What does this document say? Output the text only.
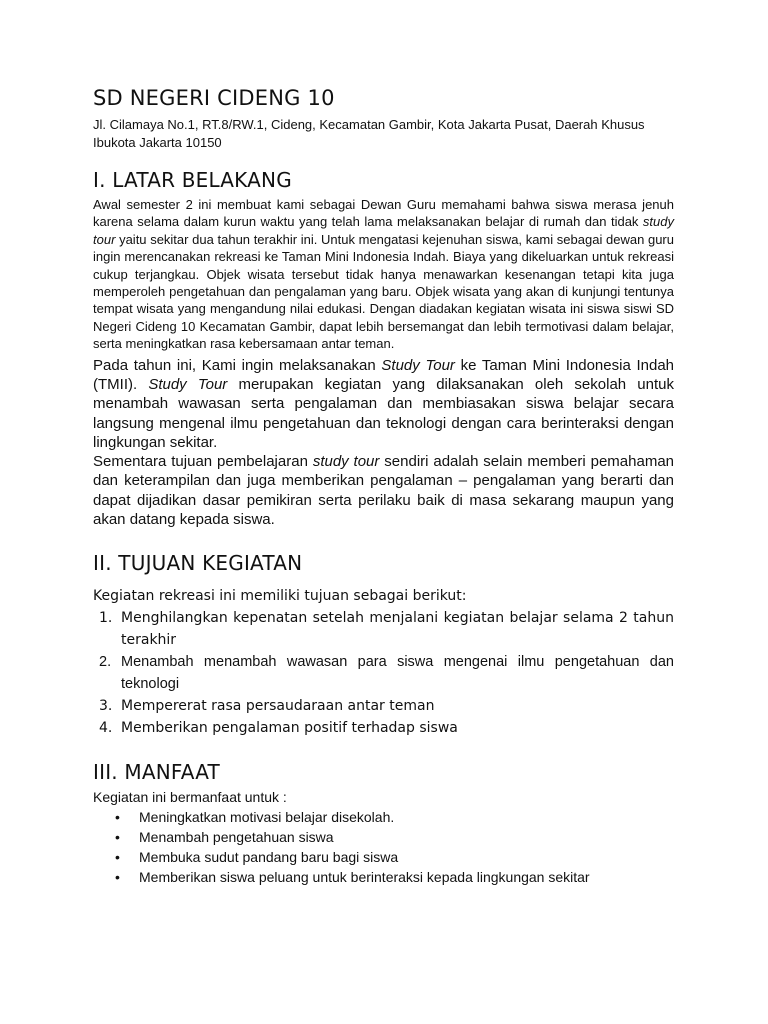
SD NEGERI CIDENG 10

Jl. Cilamaya No.1, RT.8/RW.1, Cideng, Kecamatan Gambir, Kota Jakarta Pusat, Daerah Khusus Ibukota Jakarta 10150

I. LATAR BELAKANG

Awal semester 2 ini membuat kami sebagai Dewan Guru memahami bahwa siswa merasa jenuh karena selama dalam kurun waktu yang telah lama melaksanakan belajar di rumah dan tidak study tour yaitu sekitar dua tahun terakhir ini. Untuk mengatasi kejenuhan siswa, kami sebagai dewan guru ingin merencanakan rekreasi ke Taman Mini Indonesia Indah. Biaya yang dikeluarkan untuk rekreasi cukup terjangkau. Objek wisata tersebut tidak hanya menawarkan kesenangan tetapi kita juga memperoleh pengetahuan dan pengalaman yang baru. Objek wisata yang akan di kunjungi tentunya tempat wisata yang mengandung nilai edukasi. Dengan diadakan kegiatan wisata ini siswa siswi SD Negeri Cideng 10 Kecamatan Gambir, dapat lebih bersemangat dan lebih termotivasi dalam belajar, serta meningkatkan rasa kebersamaan antar teman.

Pada tahun ini, Kami ingin melaksanakan Study Tour ke Taman Mini Indonesia Indah (TMII). Study Tour merupakan kegiatan yang dilaksanakan oleh sekolah untuk menambah wawasan serta pengalaman dan membiasakan siswa belajar secara langsung mengenal ilmu pengetahuan dan teknologi dengan cara berinteraksi dengan lingkungan sekitar.

Sementara tujuan pembelajaran study tour sendiri adalah selain memberi pemahaman dan keterampilan dan juga memberikan pengalaman – pengalaman yang berarti dan dapat dijadikan dasar pemikiran serta perilaku baik di masa sekarang maupun yang akan datang kepada siswa.

II. TUJUAN KEGIATAN

Kegiatan rekreasi ini memiliki tujuan sebagai berikut:

1. Menghilangkan kepenatan setelah menjalani kegiatan belajar selama 2 tahun terakhir
2. Menambah menambah wawasan para siswa mengenai ilmu pengetahuan dan teknologi
3. Mempererat rasa persaudaraan antar teman
4. Memberikan pengalaman positif terhadap siswa
III. MANFAAT

Kegiatan ini bermanfaat untuk :

• Meningkatkan motivasi belajar disekolah.
• Menambah pengetahuan siswa
• Membuka sudut pandang baru bagi siswa
• Memberikan siswa peluang untuk berinteraksi kepada lingkungan sekitar
